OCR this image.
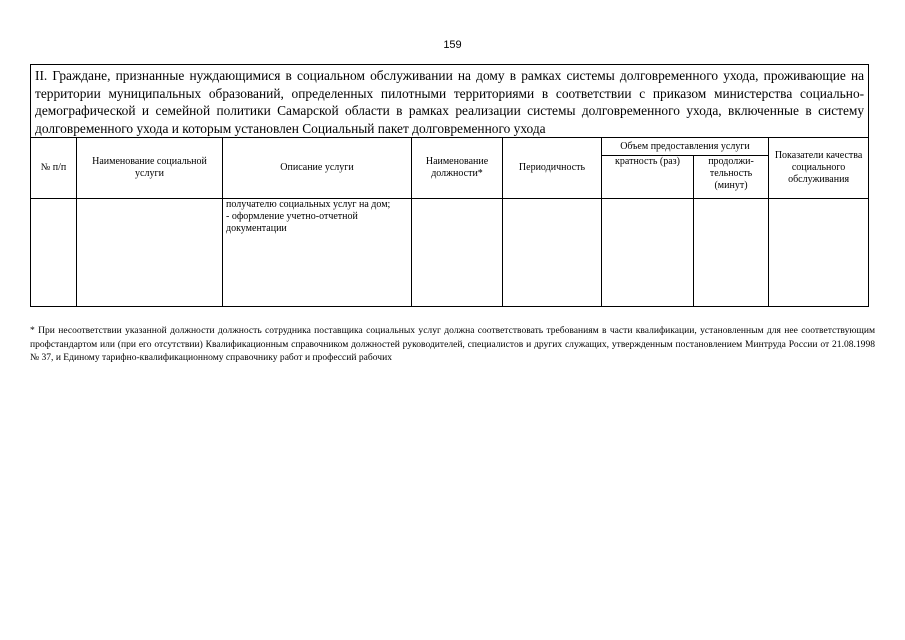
159
II. Граждане, признанные нуждающимися в социальном обслуживании на дому в рамках системы долговременного ухода, проживающие на территории муниципальных образований, определенных пилотными территориями в соответствии с приказом министерства социально-демографической и семейной политики Самарской области в рамках реализации системы долговременного ухода, включенные в систему долговременного ухода и которым установлен Социальный пакет долговременного ухода							
№ п/п	Наименование социальной услуги	Описание услуги	Наименование должности*	Периодичность	Объем предоставления услуги		Показатели качества социального обслуживания
					кратность (раз)	продолжи-тельность (минут)	
		получателю социальных услуг на дом;
- оформление учетно-отчетной документации					
* При несоответствии указанной должности должность сотрудника поставщика социальных услуг должна соответствовать требованиям в части квалификации, установленным для нее соответствующим профстандартом или (при его отсутствии) Квалификационным справочником должностей руководителей, специалистов и других служащих, утвержденным постановлением Минтруда России от 21.08.1998 № 37, и Единому тарифно-квалификационному справочнику работ и профессий рабочих
